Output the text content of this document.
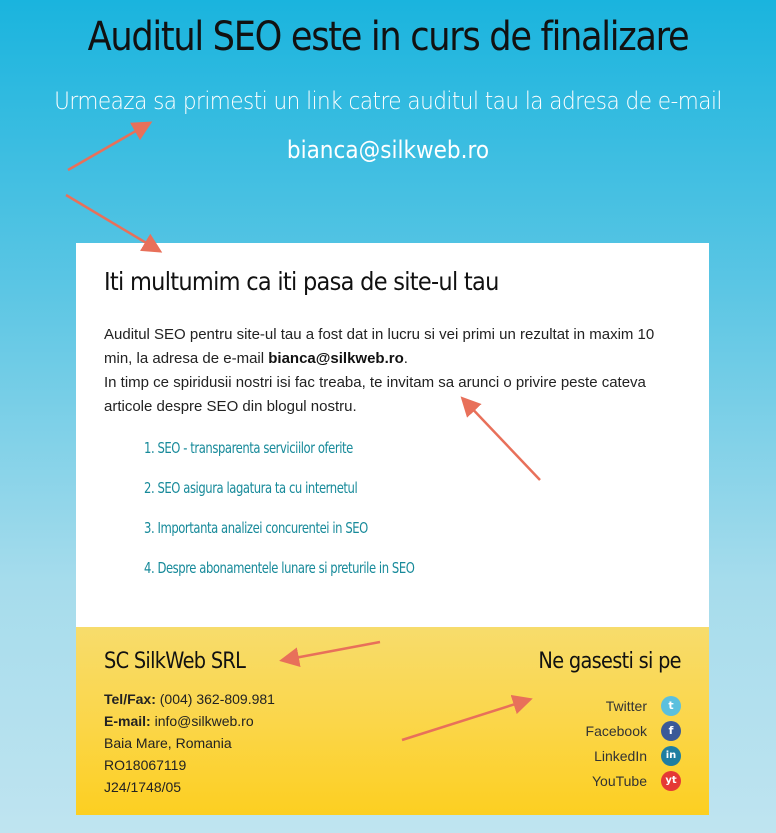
Auditul SEO este in curs de finalizare
Urmeaza sa primesti un link catre auditul tau la adresa de e-mail
bianca@silkweb.ro
Iti multumim ca iti pasa de site-ul tau

Auditul SEO pentru site-ul tau a fost dat in lucru si vei primi un rezultat in maxim 10 min, la adresa de e-mail bianca@silkweb.ro.

In timp ce spiridusii nostri isi fac treaba, te invitam sa arunci o privire peste cateva articole despre SEO din blogul nostru.

1. SEO - transparenta serviciilor oferite
2. SEO asigura lagatura ta cu internetul
3. Importanta analizei concurentei in SEO
4. Despre abonamentele lunare si preturile in SEO
SC SilkWeb SRL
Tel/Fax: (004) 362-809.981
E-mail: info@silkweb.ro
Baia Mare, Romania
RO18067119
J24/1748/05
Ne gasesti si pe
Twitter	t
Facebook	f
LinkedIn	in
YouTube	yt
